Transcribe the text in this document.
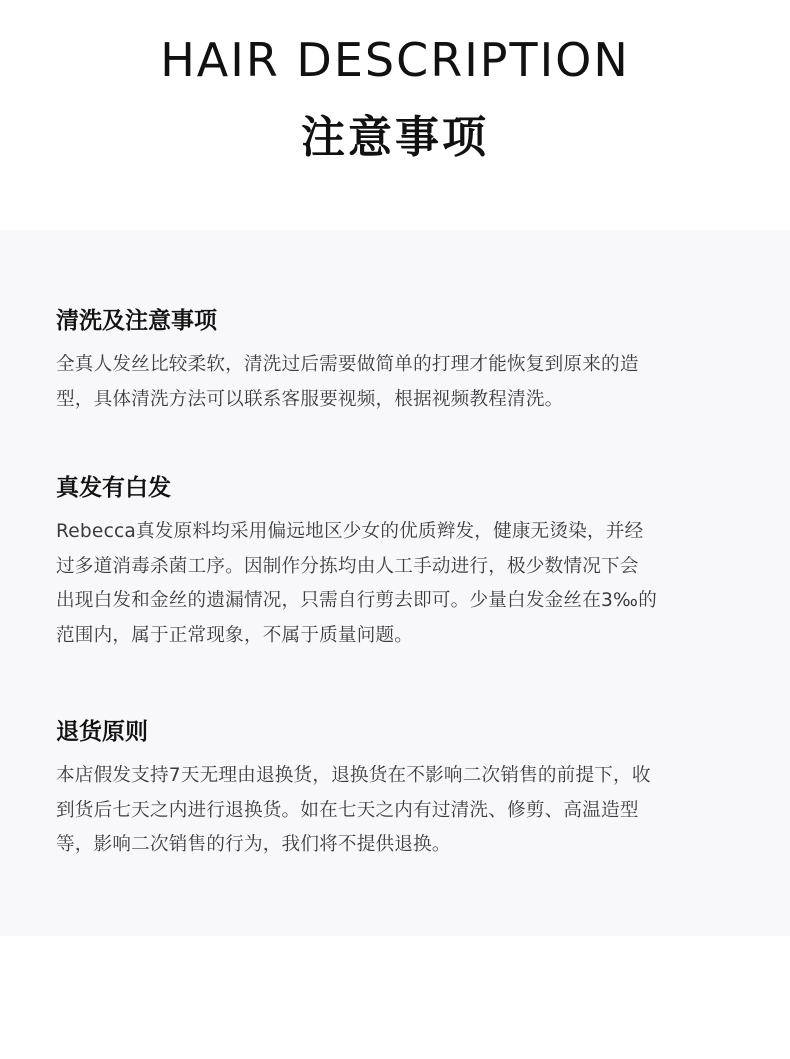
HAIR DESCRIPTION
注意事项
清洗及注意事项
全真人发丝比较柔软，清洗过后需要做简单的打理才能恢复到原来的造
型，具体清洗方法可以联系客服要视频，根据视频教程清洗。
真发有白发
Rebecca真发原料均采用偏远地区少女的优质辫发，健康无烫染，并经
过多道消毒杀菌工序。因制作分拣均由人工手动进行，极少数情况下会
出现白发和金丝的遗漏情况，只需自行剪去即可。少量白发金丝在3‰的
范围内，属于正常现象，不属于质量问题。
退货原则
本店假发支持7天无理由退换货，退换货在不影响二次销售的前提下，收
到货后七天之内进行退换货。如在七天之内有过清洗、修剪、高温造型
等，影响二次销售的行为，我们将不提供退换。
